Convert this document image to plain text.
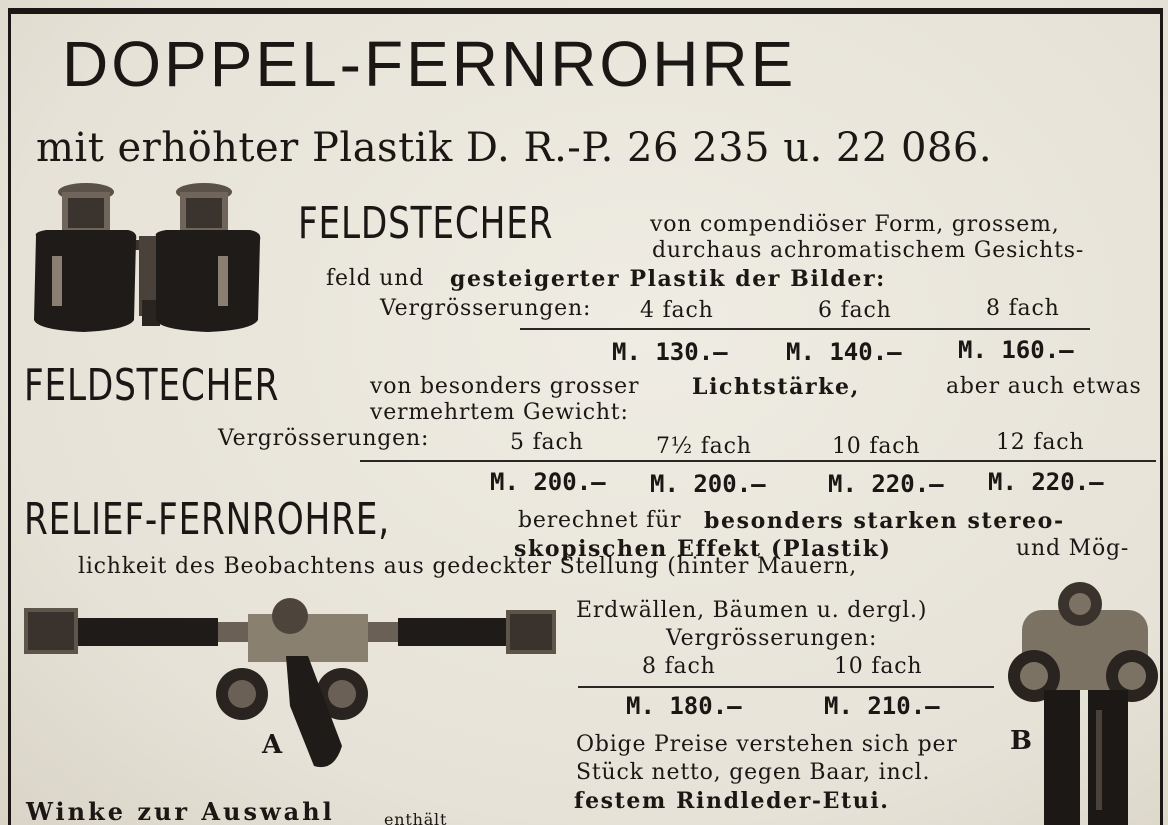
DOPPEL-FERNROHRE
mit erhöhter Plastik D. R.-P. 26 235 u. 22 086.
FELDSTECHER	von compendiöser Form, grossem,
durchaus achromatischem Gesichts-
feld und gesteigerter Plastik der Bilder:
Vergrösserungen: 4 fach	6 fach	8 fach
M. 130.— M. 140.— M. 160.—
FELDSTECHER	von besonders grosser Lichtstärke,	aber auch etwas
vermehrtem Gewicht:
Vergrösserungen:	5 fach	7½ fach	10 fach	12 fach
M. 200.— M. 200.—	M. 220.— M. 220.—
RELIEF-FERNROHRE,	berechnet für besonders starken stereo-
skopischen Effekt (Plastik)	und Mög-
lichkeit des Beobachtens aus gedeckter Stellung (hinter Mauern,
Erdwällen, Bäumen u. dergl.)
Vergrösserungen:
8 fach	10 fach
M. 180.—	M. 210.—
A	B
Obige Preise verstehen sich per
Stück netto, gegen Baar, incl.
festem Rindleder-Etui.
Winke zur Auswahl	enthält
